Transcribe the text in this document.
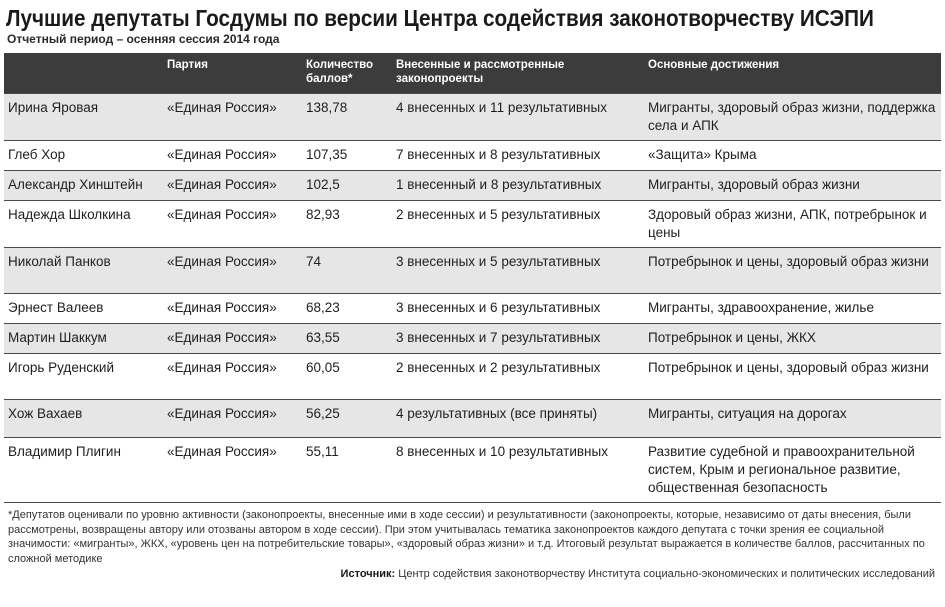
Лучшие депутаты Госдумы по версии Центра содействия законотворчеству ИСЭПИ
Отчетный период – осенняя сессия 2014 года
	Партия	Количество баллов*	Внесенные и рассмотренные законопроекты	Основные достижения
Ирина Яровая	«Единая Россия»	138,78	4 внесенных и 11 результативных	Мигранты, здоровый образ жизни, поддержка села и АПК
Глеб Хор	«Единая Россия»	107,35	7 внесенных и 8 результативных	«Защита» Крыма
Александр Хинштейн	«Единая Россия»	102,5	1 внесенный и 8 результативных	Мигранты, здоровый образ жизни
Надежда Школкина	«Единая Россия»	82,93	2 внесенных и 5 результативных	Здоровый образ жизни, АПК, потребрынок и цены
Николай Панков	«Единая Россия»	74	3 внесенных и 5 результативных	Потребрынок и цены, здоровый образ жизни
Эрнест Валеев	«Единая Россия»	68,23	3 внесенных и 6 результативных	Мигранты, здравоохранение, жилье
Мартин Шаккум	«Единая Россия»	63,55	3 внесенных и 7 результативных	Потребрынок и цены, ЖКХ
Игорь Руденский	«Единая Россия»	60,05	2 внесенных и 2 результативных	Потребрынок и цены, здоровый образ жизни
Хож Вахаев	«Единая Россия»	56,25	4 результативных (все приняты)	Мигранты, ситуация на дорогах
Владимир Плигин	«Единая Россия»	55,11	8 внесенных и 10 результативных	Развитие судебной и правоохранительной систем, Крым и региональное развитие, общественная безопасность
*Депутатов оценивали по уровню активности (законопроекты, внесенные ими в ходе сессии) и результативности (законопроекты, которые, независимо от даты внесения, были рассмотрены, возвращены автору или отозваны автором в ходе сессии). При этом учитывалась тематика законопроектов каждого депутата с точки зрения ее социальной значимости: «мигранты», ЖКХ, «уровень цен на потребительские товары», «здоровый образ жизни» и т.д. Итоговый результат выражается в количестве баллов, рассчитанных по сложной методике
Источник: Центр содействия законотворчеству Института социально-экономических и политических исследований
